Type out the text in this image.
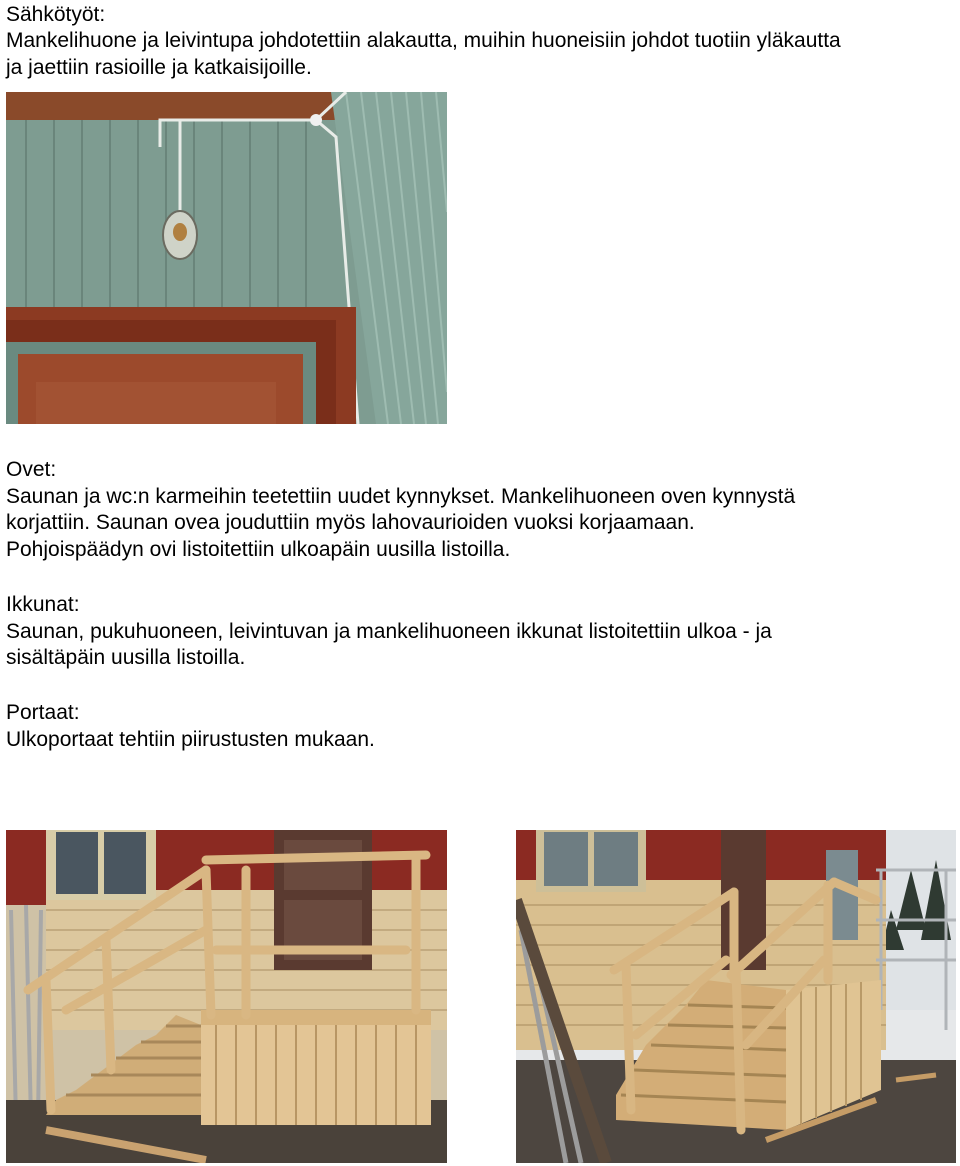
Sähkötyöt:
Mankelihuone ja leivintupa johdotettiin alakautta, muihin huoneisiin johdot tuotiin yläkautta
ja jaettiin rasioille ja katkaisijoille.
Ovet:
Saunan ja wc:n karmeihin teetettiin uudet kynnykset. Mankelihuoneen oven kynnystä
korjattiin. Saunan ovea jouduttiin myös lahovaurioiden vuoksi korjaamaan.
Pohjoispäädyn ovi listoitettiin ulkoapäin uusilla listoilla.
Ikkunat:
Saunan, pukuhuoneen, leivintuvan ja mankelihuoneen ikkunat listoitettiin ulkoa - ja
sisältäpäin uusilla listoilla.
Portaat:
Ulkoportaat tehtiin piirustusten mukaan.
